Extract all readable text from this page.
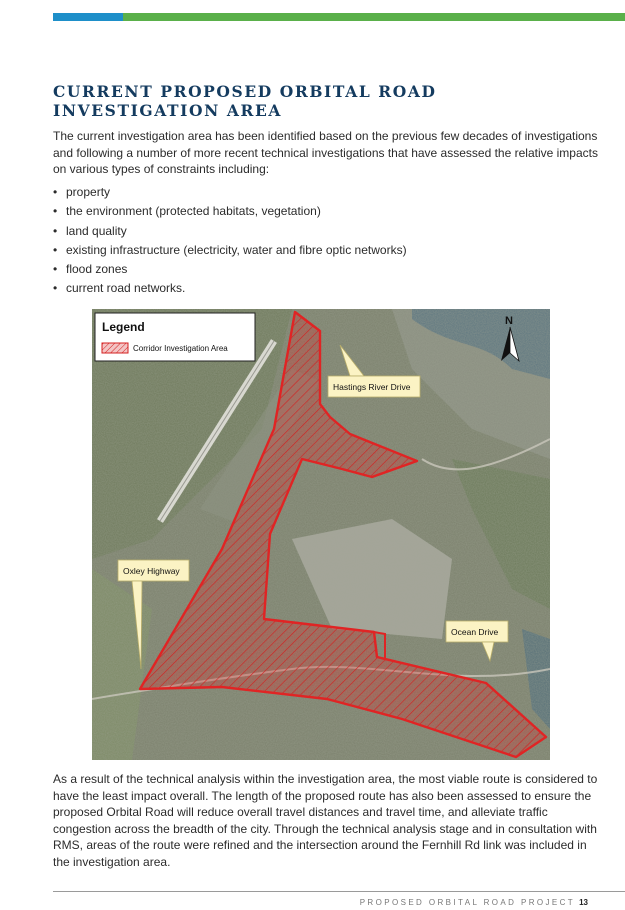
CURRENT PROPOSED ORBITAL ROAD
INVESTIGATION AREA

The current investigation area has been identified based on the previous few decades of investigations and following a number of more recent technical investigations that have assessed the relative impacts on various types of constraints including:

• property
• the environment (protected habitats, vegetation)
• land quality
• existing infrastructure (electricity, water and fibre optic networks)
• flood zones
• current road networks.
Legend
Corridor Investigation Area
N
Hastings River Drive
Oxley Highway
Ocean Drive

As a result of the technical analysis within the investigation area, the most viable route is considered to have the least impact overall. The length of the proposed route has also been assessed to ensure the proposed Orbital Road will reduce overall travel distances and travel time, and alleviate traffic congestion across the breadth of the city. Through the technical analysis stage and in consultation with RMS, areas of the route were refined and the intersection around the Fernhill Rd link was included in the investigation area.

PROPOSED ORBITAL ROAD PROJECT 13
